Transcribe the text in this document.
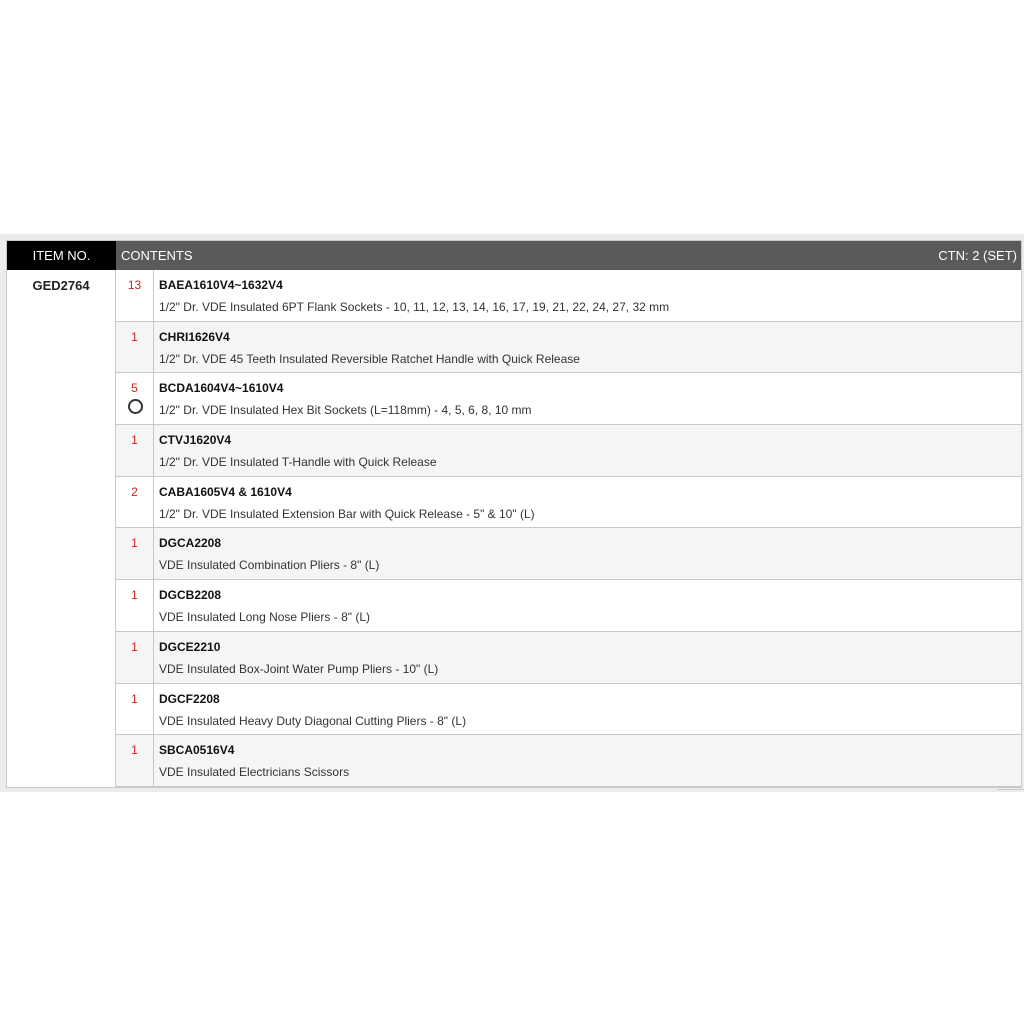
ITEM NO.	CONTENTS	CTN: 2 (SET)
GED2764	13	BAEA1610V4~1632V4
1/2" Dr. VDE Insulated 6PT Flank Sockets - 10, 11, 12, 13, 14, 16, 17, 19, 21, 22, 24, 27, 32 mm
1	CHRI1626V4
1/2" Dr. VDE 45 Teeth Insulated Reversible Ratchet Handle with Quick Release
5	BCDA1604V4~1610V4
1/2" Dr. VDE Insulated Hex Bit Sockets (L=118mm) - 4, 5, 6, 8, 10 mm
1	CTVJ1620V4
1/2" Dr. VDE Insulated T-Handle with Quick Release
2	CABA1605V4 & 1610V4
1/2" Dr. VDE Insulated Extension Bar with Quick Release - 5" & 10" (L)
1	DGCA2208
VDE Insulated Combination Pliers - 8" (L)
1	DGCB2208
VDE Insulated Long Nose Pliers - 8" (L)
1	DGCE2210
VDE Insulated Box-Joint Water Pump Pliers - 10" (L)
1	DGCF2208
VDE Insulated Heavy Duty Diagonal Cutting Pliers - 8" (L)
1	SBCA0516V4
VDE Insulated Electricians Scissors
